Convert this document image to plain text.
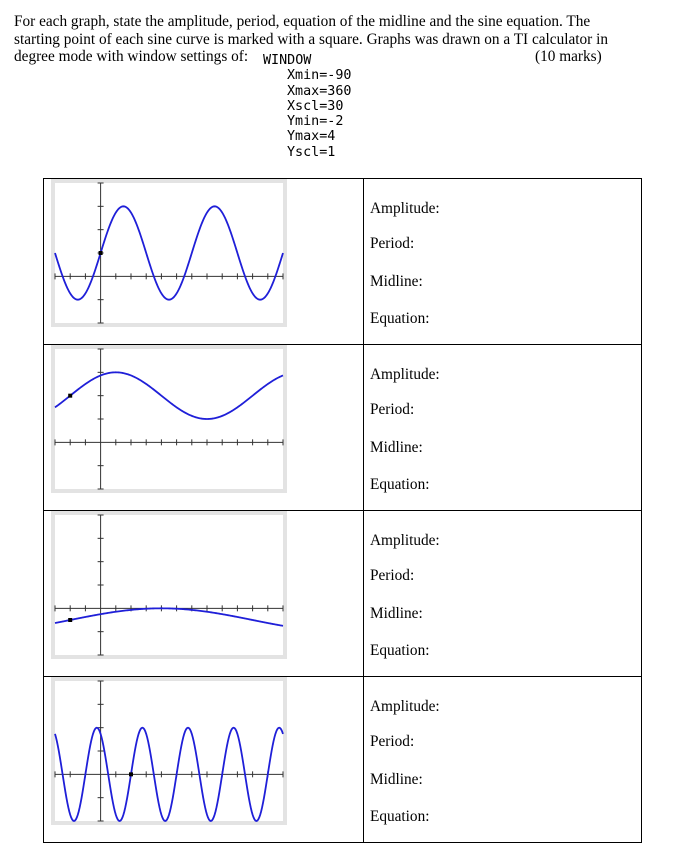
For each graph, state the amplitude, period, equation of the midline and the sine equation. The
starting point of each sine curve is marked with a square. Graphs was drawn on a TI calculator in
degree mode with window settings of:	(10 marks)
WINDOW
Xmin=-90
Xmax=360
Xscl=30
Ymin=-2
Ymax=4
Yscl=1

Amplitude:
Period:
Midline:
Equation:

Amplitude:
Period:
Midline:
Equation:

Amplitude:
Period:
Midline:
Equation:

Amplitude:
Period:
Midline:
Equation:
